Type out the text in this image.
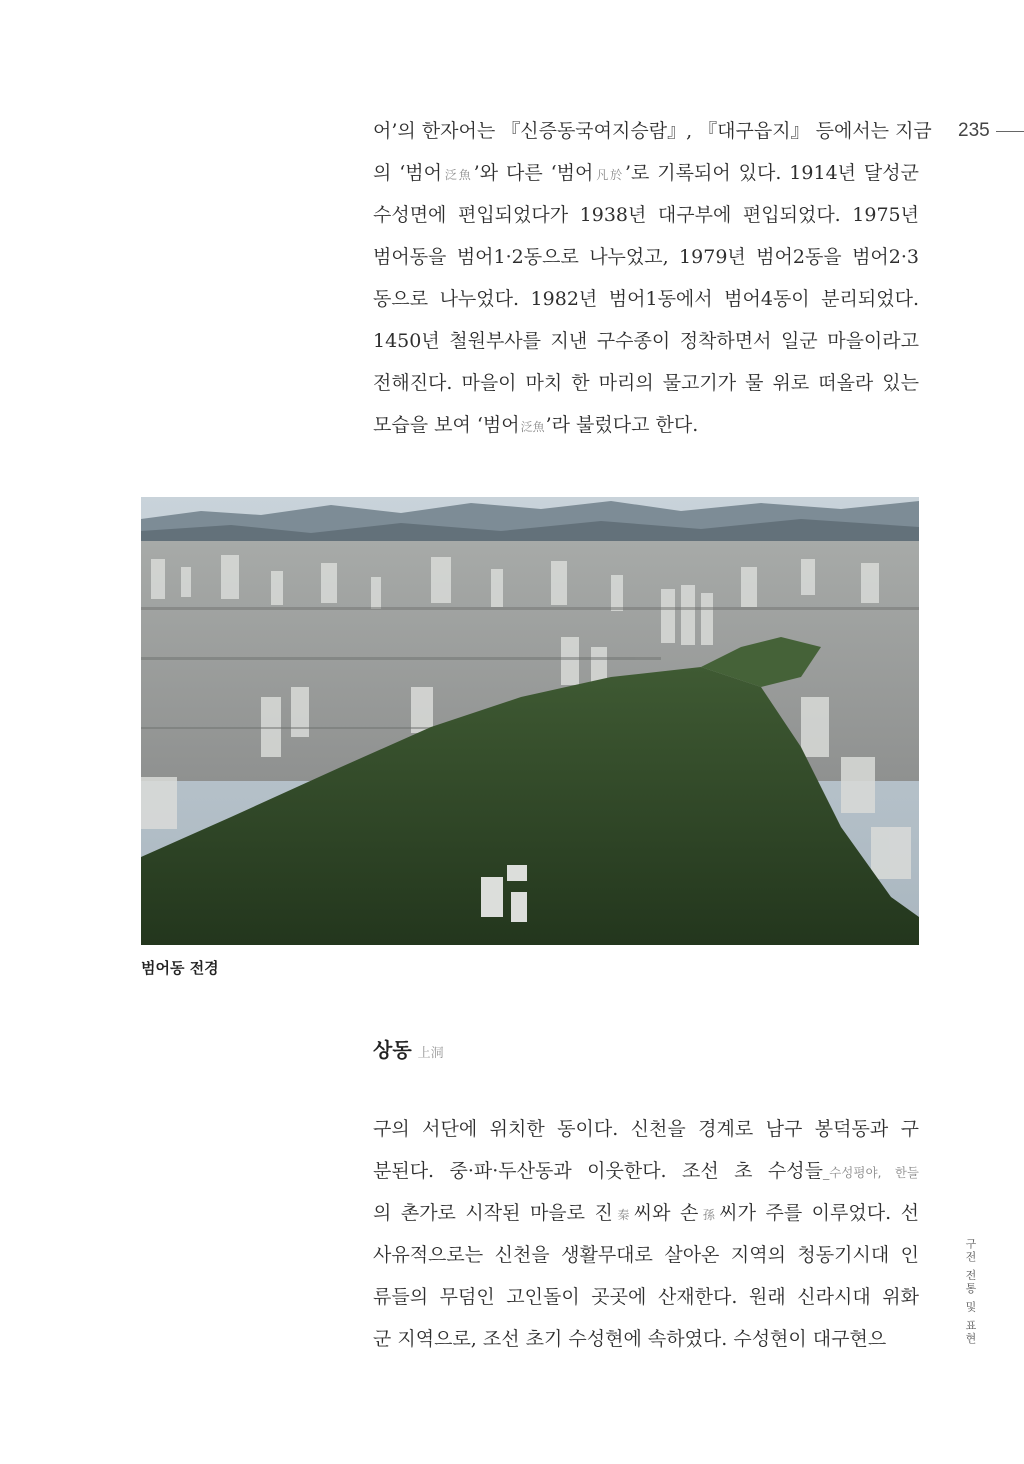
235
어’의 한자어는 『신증동국여지승람』, 『대구읍지』 등에서는 지금
의 ‘범어泛魚’와 다른 ‘범어凡於’로 기록되어 있다. 1914년 달성군
수성면에 편입되었다가 1938년 대구부에 편입되었다. 1975년
범어동을 범어1·2동으로 나누었고, 1979년 범어2동을 범어2·3
동으로 나누었다. 1982년 범어1동에서 범어4동이 분리되었다.
1450년 철원부사를 지낸 구수종이 정착하면서 일군 마을이라고
전해진다. 마을이 마치 한 마리의 물고기가 물 위로 떠올라 있는
모습을 보여 ‘범어泛魚’라 불렀다고 한다.
범어동 전경
상동 上洞
구의 서단에 위치한 동이다. 신천을 경계로 남구 봉덕동과 구
분된다. 중·파·두산동과 이웃한다. 조선 초 수성들_수성평야, 한들
의 촌가로 시작된 마을로 진秦씨와 손孫씨가 주를 이루었다. 선
사유적으로는 신천을 생활무대로 살아온 지역의 청동기시대 인
류들의 무덤인 고인돌이 곳곳에 산재한다. 원래 신라시대 위화
군 지역으로, 조선 초기 수성현에 속하였다. 수성현이 대구현으	구전 전통 및 표현
